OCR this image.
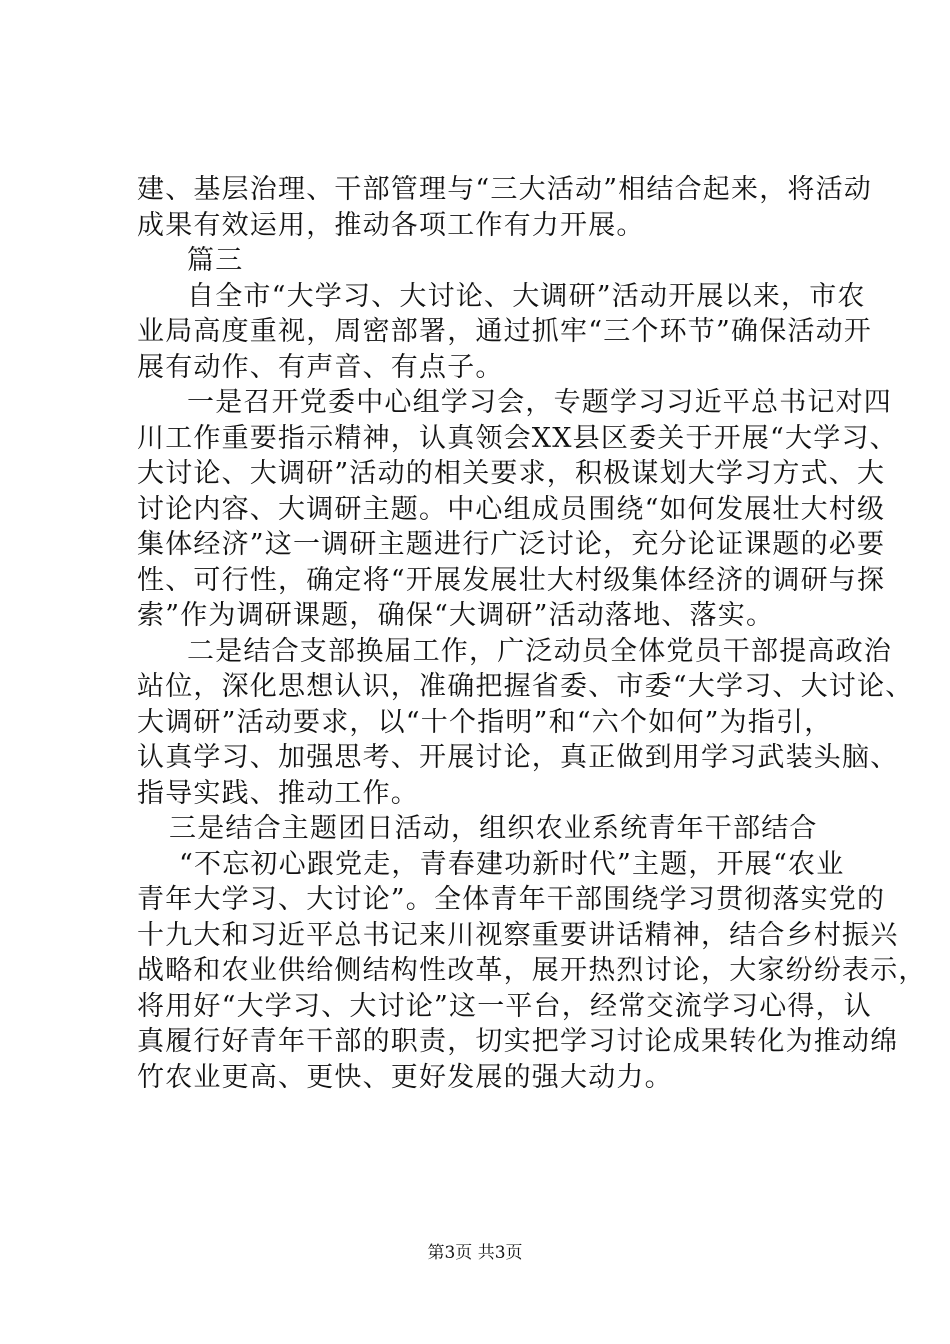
建、基层治理、干部管理与“三大活动”相结合起来，将活动
成果有效运用，推动各项工作有力开展。
篇三
自全市“大学习、大讨论、大调研”活动开展以来，市农
业局高度重视，周密部署，通过抓牢“三个环节”确保活动开
展有动作、有声音、有点子。
一是召开党委中心组学习会，专题学习习近平总书记对四
川工作重要指示精神，认真领会XX县区委关于开展“大学习、
大讨论、大调研”活动的相关要求，积极谋划大学习方式、大
讨论内容、大调研主题。中心组成员围绕“如何发展壮大村级
集体经济”这一调研主题进行广泛讨论，充分论证课题的必要
性、可行性，确定将“开展发展壮大村级集体经济的调研与探
索”作为调研课题，确保“大调研”活动落地、落实。
二是结合支部换届工作，广泛动员全体党员干部提高政治
站位，深化思想认识，准确把握省委、市委“大学习、大讨论、
大调研”活动要求，以“十个指明”和“六个如何”为指引，
认真学习、加强思考、开展讨论，真正做到用学习武装头脑、
指导实践、推动工作。
三是结合主题团日活动，组织农业系统青年干部结合
“不忘初心跟党走，青春建功新时代”主题，开展“农业
青年大学习、大讨论”。全体青年干部围绕学习贯彻落实党的
十九大和习近平总书记来川视察重要讲话精神，结合乡村振兴
战略和农业供给侧结构性改革，展开热烈讨论，大家纷纷表示，
将用好“大学习、大讨论”这一平台，经常交流学习心得，认
真履行好青年干部的职责，切实把学习讨论成果转化为推动绵
竹农业更高、更快、更好发展的强大动力。
第3页 共3页
